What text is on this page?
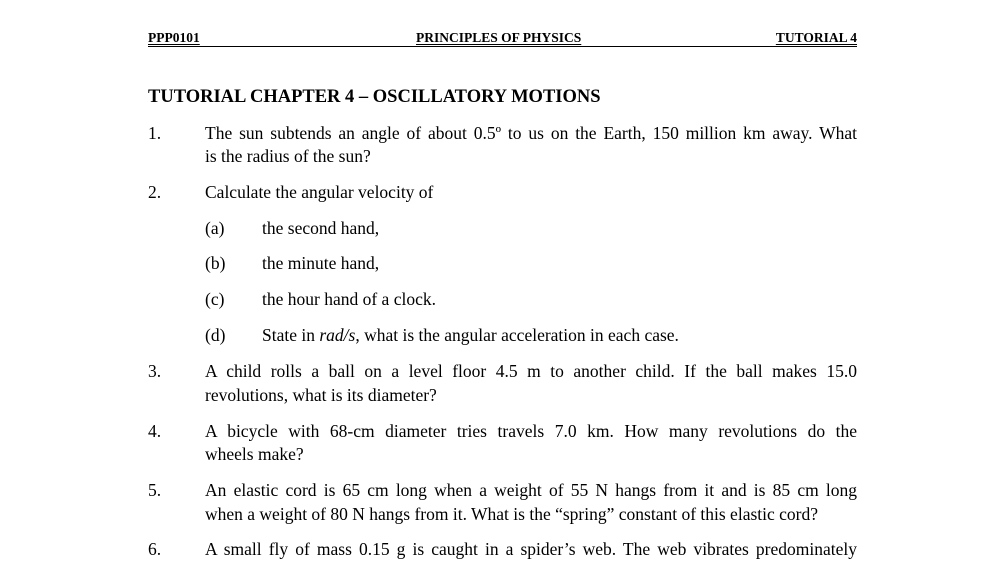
PPP0101	PRINCIPLES OF PHYSICS	TUTORIAL 4
TUTORIAL CHAPTER 4 – OSCILLATORY MOTIONS
1.	The sun subtends an angle of about 0.5º to us on the Earth, 150 million km away. What
is the radius of the sun?
2.	Calculate the angular velocity of
(a) the second hand,
(b) the minute hand,
(c) the hour hand of a clock.
(d) State in rad/s, what is the angular acceleration in each case.
3.	A child rolls a ball on a level floor 4.5 m to another child. If the ball makes 15.0
revolutions, what is its diameter?
4.	A bicycle with 68-cm diameter tries travels 7.0 km. How many revolutions do the
wheels make?
5.	An elastic cord is 65 cm long when a weight of 55 N hangs from it and is 85 cm long
when a weight of 80 N hangs from it. What is the “spring” constant of this elastic cord?
6.	A small fly of mass 0.15 g is caught in a spider’s web. The web vibrates predominately
